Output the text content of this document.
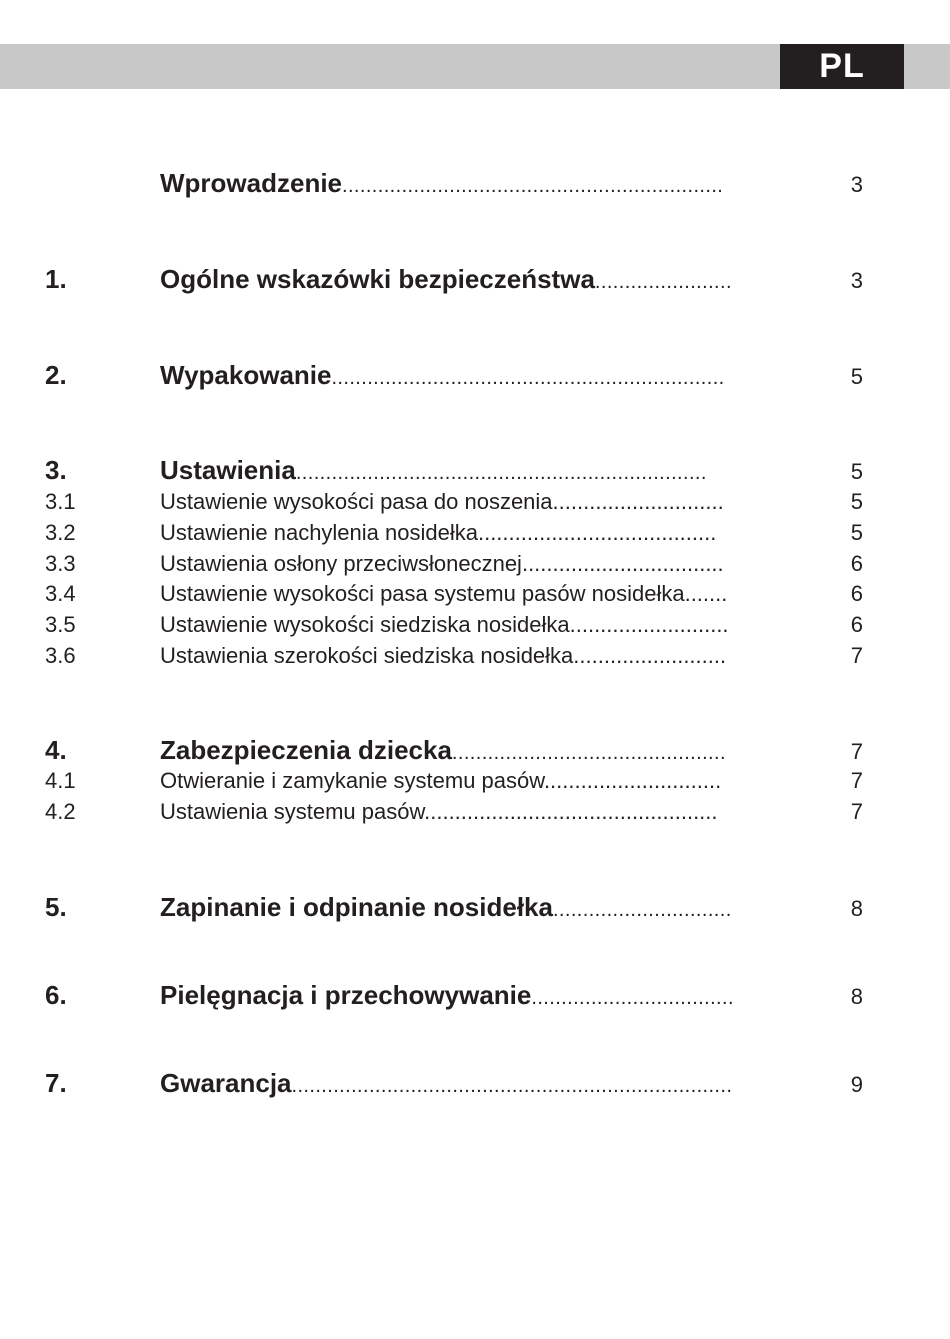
PL
Wprowadzenie................................................................	3
1.	Ogólne wskazówki bezpieczeństwa.......................	3
2.	Wypakowanie..................................................................	5
3.	Ustawienia.....................................................................	5
3.1	Ustawienie wysokości pasa do noszenia............................	5
3.2	Ustawienie nachylenia nosidełka.......................................	5
3.3	Ustawienia osłony przeciwsłonecznej.................................	6
3.4	Ustawienie wysokości pasa systemu pasów nosidełka.......	6
3.5	Ustawienie wysokości siedziska nosidełka..........................	6
3.6	Ustawienia szerokości siedziska nosidełka.........................	7
4.	Zabezpieczenia dziecka..............................................	7
4.1	Otwieranie i zamykanie systemu pasów.............................	7
4.2	Ustawienia systemu pasów................................................	7
5.	Zapinanie i odpinanie nosidełka..............................	8
6.	Pielęgnacja i przechowywanie..................................	8
7.	Gwarancja..........................................................................	9
